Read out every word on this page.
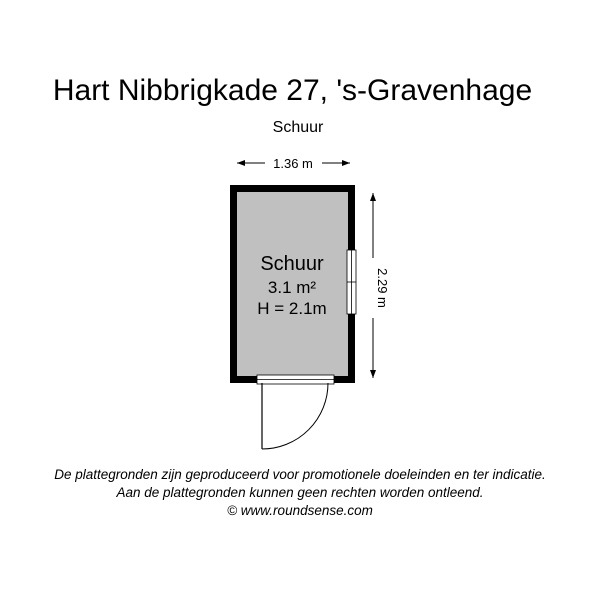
Hart Nibbrigkade 27, 's-Gravenhage
Schuur
1.36 m
2.29 m
Schuur
3.1 m²
H = 2.1m
De plattegronden zijn geproduceerd voor promotionele doeleinden en ter indicatie.
Aan de plattegronden kunnen geen rechten worden ontleend.
© www.roundsense.com
